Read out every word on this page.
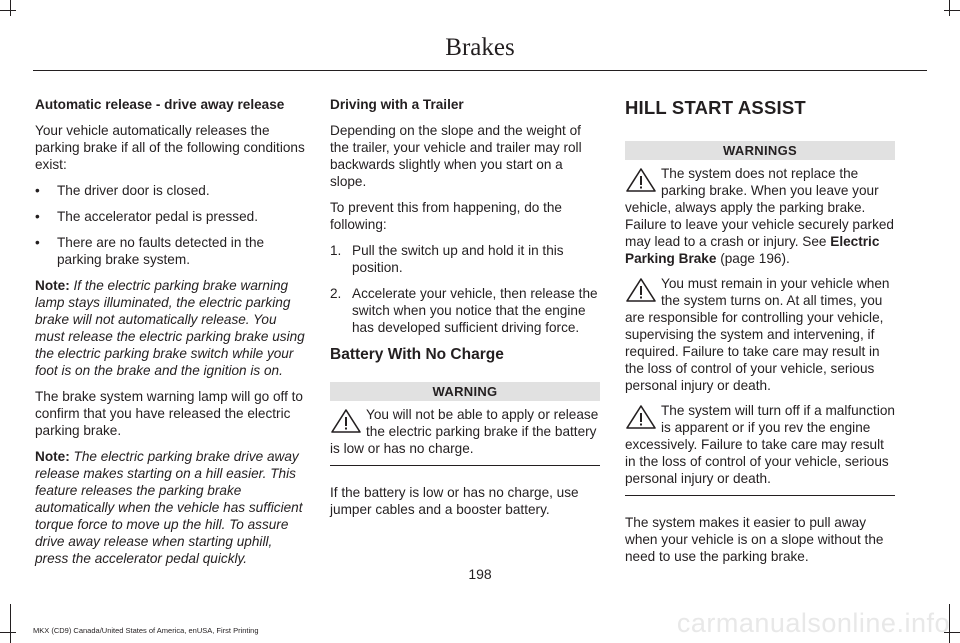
Brakes

Automatic release - drive away release

Your vehicle automatically releases the parking brake if all of the following conditions exist:

• The driver door is closed.
• The accelerator pedal is pressed.
• There are no faults detected in the parking brake system.

Note: If the electric parking brake warning lamp stays illuminated, the electric parking brake will not automatically release. You must release the electric parking brake using the electric parking brake switch while your foot is on the brake and the ignition is on.

The brake system warning lamp will go off to confirm that you have released the electric parking brake.

Note: The electric parking brake drive away release makes starting on a hill easier. This feature releases the parking brake automatically when the vehicle has sufficient torque force to move up the hill. To assure drive away release when starting uphill, press the accelerator pedal quickly.

Driving with a Trailer

Depending on the slope and the weight of the trailer, your vehicle and trailer may roll backwards slightly when you start on a slope.

To prevent this from happening, do the following:

1. Pull the switch up and hold it in this position.
2. Accelerate your vehicle, then release the switch when you notice that the engine has developed sufficient driving force.

Battery With No Charge

WARNING
You will not be able to apply or release the electric parking brake if the battery is low or has no charge.

If the battery is low or has no charge, use jumper cables and a booster battery.

HILL START ASSIST

WARNINGS
The system does not replace the parking brake. When you leave your vehicle, always apply the parking brake. Failure to leave your vehicle securely parked may lead to a crash or injury. See Electric Parking Brake (page 196).
You must remain in your vehicle when the system turns on. At all times, you are responsible for controlling your vehicle, supervising the system and intervening, if required. Failure to take care may result in the loss of control of your vehicle, serious personal injury or death.
The system will turn off if a malfunction is apparent or if you rev the engine excessively. Failure to take care may result in the loss of control of your vehicle, serious personal injury or death.

The system makes it easier to pull away when your vehicle is on a slope without the need to use the parking brake.

198
MKX (CD9) Canada/United States of America, enUSA, First Printing	carmanualsonline.info
